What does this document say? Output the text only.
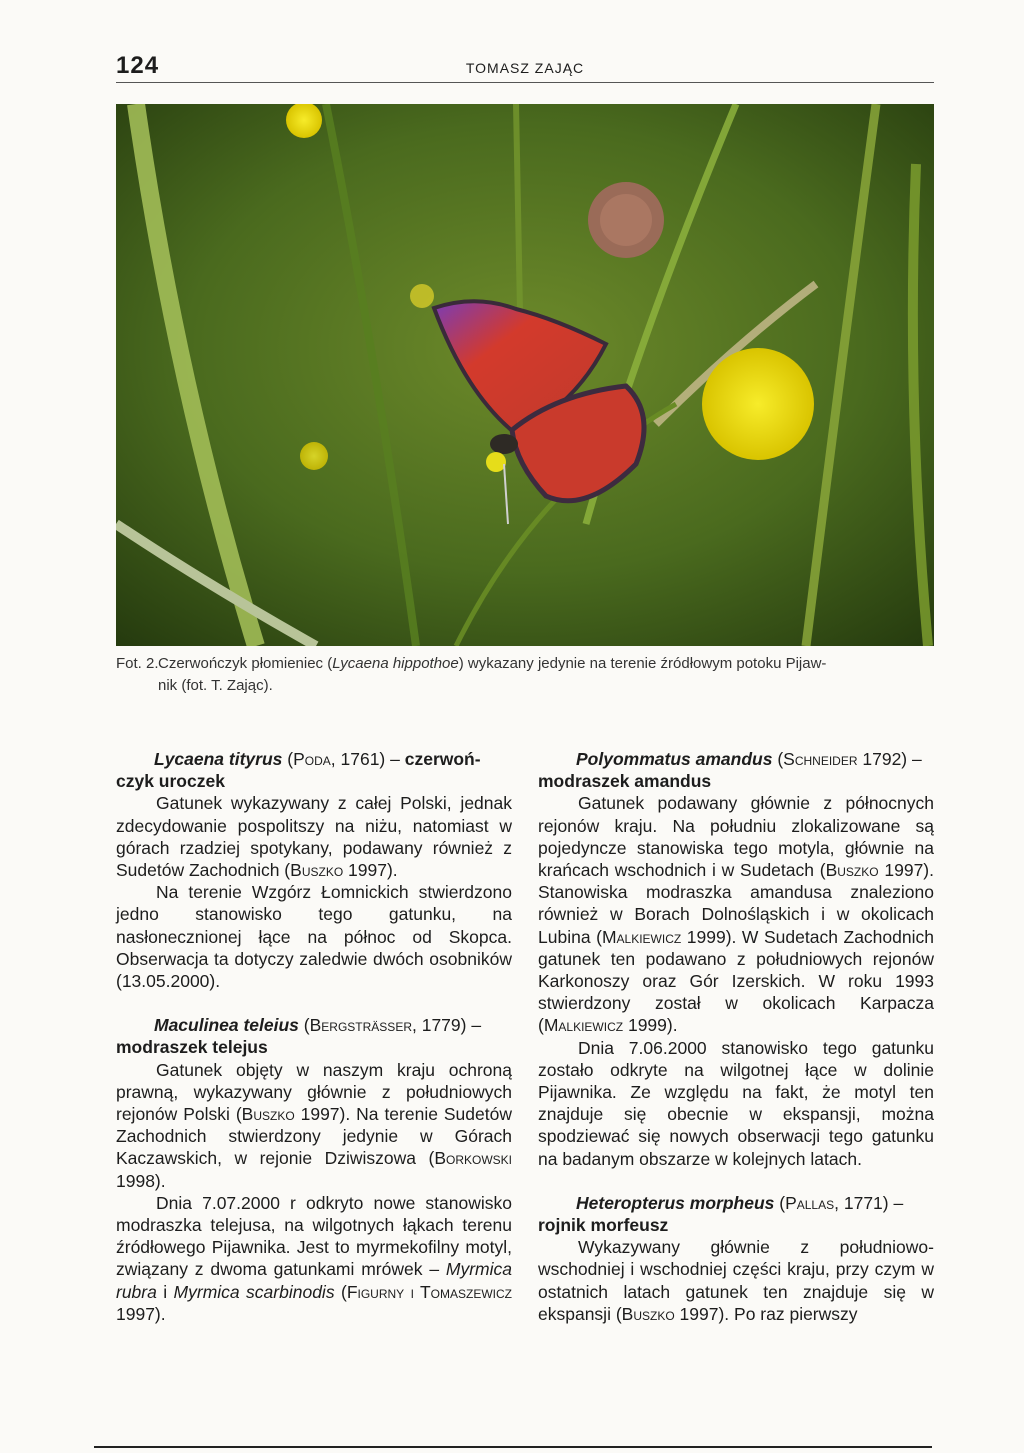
124	TOMASZ ZAJĄC
Fot. 2. Czerwończyk płomieniec (Lycaena hippothoe) wykazany jedynie na terenie źródłowym potoku Pijaw-
nik (fot. T. Zając).

Lycaena tityrus (Poda, 1761) – czerwoń-
czyk uroczek

Gatunek wykazywany z całej Polski, jednak zdecydowanie pospolitszy na niżu, natomiast w górach rzadziej spotykany, podawany również z Sudetów Zachodnich (Buszko 1997).

Na terenie Wzgórz Łomnickich stwierdzono jedno stanowisko tego gatunku, na nasłonecznionej łące na północ od Skopca. Obserwacja ta dotyczy zaledwie dwóch osobników (13.05.2000).

Maculinea teleius (Bergsträsser, 1779) –
modraszek telejus

Gatunek objęty w naszym kraju ochroną prawną, wykazywany głównie z południowych rejonów Polski (Buszko 1997). Na terenie Sudetów Zachodnich stwierdzony jedynie w Górach Kaczawskich, w rejonie Dziwiszowa (Borkowski 1998).

Dnia 7.07.2000 r odkryto nowe stanowisko modraszka telejusa, na wilgotnych łąkach terenu źródłowego Pijawnika. Jest to myrmekofilny motyl, związany z dwoma gatunkami mrówek – Myrmica rubra i Myrmica scarbinodis (Figurny i Tomaszewicz 1997).

Polyommatus amandus (Schneider 1792) –
modraszek amandus

Gatunek podawany głównie z północnych rejonów kraju. Na południu zlokalizowane są pojedyncze stanowiska tego motyla, głównie na krańcach wschodnich i w Sudetach (Buszko 1997). Stanowiska modraszka amandusa znaleziono również w Borach Dolnośląskich i w okolicach Lubina (Malkiewicz 1999). W Sudetach Zachodnich gatunek ten podawano z południowych rejonów Karkonoszy oraz Gór Izerskich. W roku 1993 stwierdzony został w okolicach Karpacza (Malkiewicz 1999).

Dnia 7.06.2000 stanowisko tego gatunku zostało odkryte na wilgotnej łące w dolinie Pijawnika. Ze względu na fakt, że motyl ten znajduje się obecnie w ekspansji, można spodziewać się nowych obserwacji tego gatunku na badanym obszarze w kolejnych latach.

Heteropterus morpheus (Pallas, 1771) –
rojnik morfeusz

Wykazywany głównie z południowo-wschodniej i wschodniej części kraju, przy czym w ostatnich latach gatunek ten znajduje się w ekspansji (Buszko 1997). Po raz pierwszy
